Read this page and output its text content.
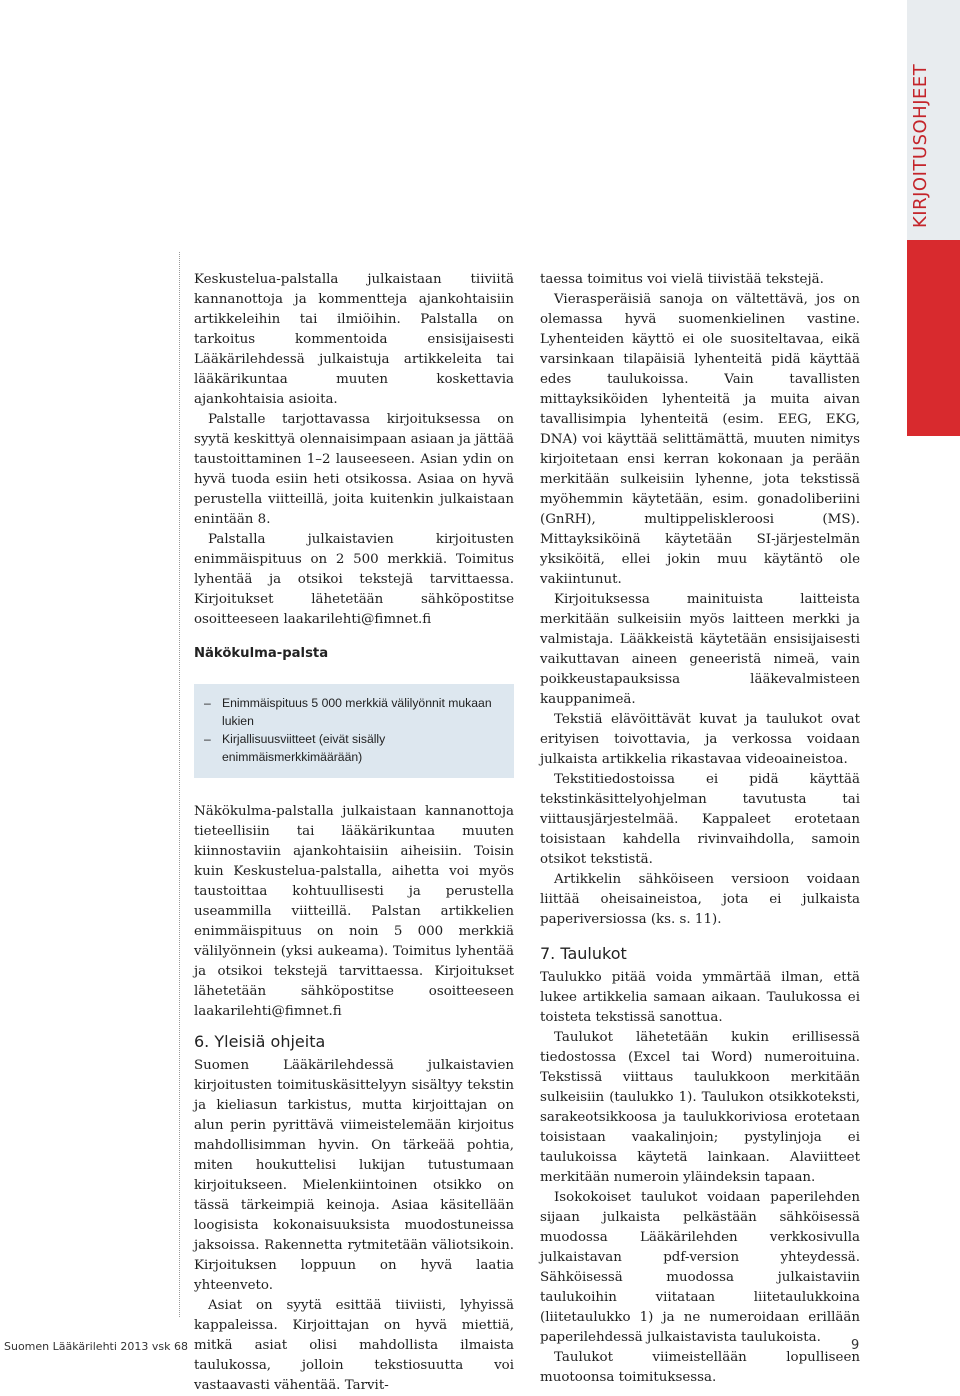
KIRJOITUSOHJEET

Keskustelua-palstalla julkaistaan tiiviitä kannanottoja ja kommentteja ajankohtaisiin artikkeleihin tai ilmiöihin. Palstalla on tarkoitus kommentoida ensisijaisesti Lääkärilehdessä julkaistuja artikkeleita tai lääkärikuntaa muuten koskettavia ajankohtaisia asioita.

Palstalle tarjottavassa kirjoituksessa on syytä keskittyä olennaisimpaan asiaan ja jättää taustoittaminen 1–2 lauseeseen. Asian ydin on hyvä tuoda esiin heti otsikossa. Asiaa on hyvä perustella viitteillä, joita kuitenkin julkaistaan enintään 8.

Palstalla julkaistavien kirjoitusten enimmäispituus on 2 500 merkkiä. Toimitus lyhentää ja otsikoi tekstejä tarvittaessa. Kirjoitukset lähetetään sähköpostitse osoitteeseen laakarilehti@fimnet.fi

Näkökulma-palsta
– Enimmäispituus 5 000 merkkiä välilyönnit mukaan lukien
– Kirjallisuusviitteet (eivät sisälly enimmäismerkkimäärään)

Näkökulma-palstalla julkaistaan kannanottoja tieteellisiin tai lääkärikuntaa muuten kiinnostaviin ajankohtaisiin aiheisiin. Toisin kuin Keskustelua-palstalla, aihetta voi myös taustoittaa kohtuullisesti ja perustella useammilla viitteillä. Palstan artikkelien enimmäispituus on noin 5 000 merkkiä välilyönnein (yksi aukeama). Toimitus lyhentää ja otsikoi tekstejä tarvittaessa. Kirjoitukset lähetetään sähköpostitse osoitteeseen laakarilehti@fimnet.fi

6. Yleisiä ohjeita

Suomen Lääkärilehdessä julkaistavien kirjoitusten toimituskäsittelyyn sisältyy tekstin ja kieliasun tarkistus, mutta kirjoittajan on alun perin pyrittävä viimeistelemään kirjoitus mahdollisimman hyvin. On tärkeää pohtia, miten houkuttelisi lukijan tutustumaan kirjoitukseen. Mielenkiintoinen otsikko on tässä tärkeimpiä keinoja. Asiaa käsitellään loogisista kokonaisuuksista muodostuneissa jaksoissa. Rakennetta rytmitetään väliotsikoin. Kirjoituksen loppuun on hyvä laatia yhteenveto.

Asiat on syytä esittää tiiviisti, lyhyissä kappaleissa. Kirjoittajan on hyvä miettiä, mitkä asiat olisi mahdollista ilmaista taulukossa, jolloin tekstiosuutta voi vastaavasti vähentää. Tarvit-

taessa toimitus voi vielä tiivistää tekstejä.

Vierasperäisiä sanoja on vältettävä, jos on olemassa hyvä suomenkielinen vastine. Lyhenteiden käyttö ei ole suositeltavaa, eikä varsinkaan tilapäisiä lyhenteitä pidä käyttää edes taulukoissa. Vain tavallisten mittayksiköiden lyhenteitä ja muita aivan tavallisimpia lyhenteitä (esim. EEG, EKG, DNA) voi käyttää selittämättä, muuten nimitys kirjoitetaan ensi kerran kokonaan ja perään merkitään sulkeisiin lyhenne, jota tekstissä myöhemmin käytetään, esim. gonadoliberiini (GnRH), multippeliskleroosi (MS). Mittayksiköinä käytetään SI-järjestelmän yksiköitä, ellei jokin muu käytäntö ole vakiintunut.

Kirjoituksessa mainituista laitteista merkitään sulkeisiin myös laitteen merkki ja valmistaja. Lääkkeistä käytetään ensisijaisesti vaikuttavan aineen geneeristä nimeä, vain poikkeustapauksissa lääkevalmisteen kauppanimeä.

Tekstiä elävöittävät kuvat ja taulukot ovat erityisen toivottavia, ja verkossa voidaan julkaista artikkelia rikastavaa videoaineistoa.

Tekstitiedostoissa ei pidä käyttää tekstinkäsittelyohjelman tavutusta tai viittausjärjestelmää. Kappaleet erotetaan toisistaan kahdella rivinvaihdolla, samoin otsikot tekstistä.

Artikkelin sähköiseen versioon voidaan liittää oheisaineistoa, jota ei julkaista paperiversiossa (ks. s. 11).

7. Taulukot

Taulukko pitää voida ymmärtää ilman, että lukee artikkelia samaan aikaan. Taulukossa ei toisteta tekstissä sanottua.

Taulukot lähetetään kukin erillisessä tiedostossa (Excel tai Word) numeroituina. Tekstissä viittaus taulukkoon merkitään sulkeisiin (taulukko 1). Taulukon otsikkoteksti, sarakeotsikkoosa ja taulukkoriviosa erotetaan toisistaan vaakalinjoin; pystylinjoja ei taulukoissa käytetä lainkaan. Alaviitteet merkitään numeroin yläindeksin tapaan.

Isokokoiset taulukot voidaan paperilehden sijaan julkaista pelkästään sähköisessä muodossa Lääkärilehden verkkosivulla julkaistavan pdf-version yhteydessä. Sähköisessä muodossa julkaistaviin taulukoihin viitataan liitetaulukkoina (liitetaulukko 1) ja ne numeroidaan erillään paperilehdessä julkaistavista taulukoista.

Taulukot viimeistellään lopulliseen muotoonsa toimituksessa.

Suomen Lääkärilehti 2013 vsk 68	9
